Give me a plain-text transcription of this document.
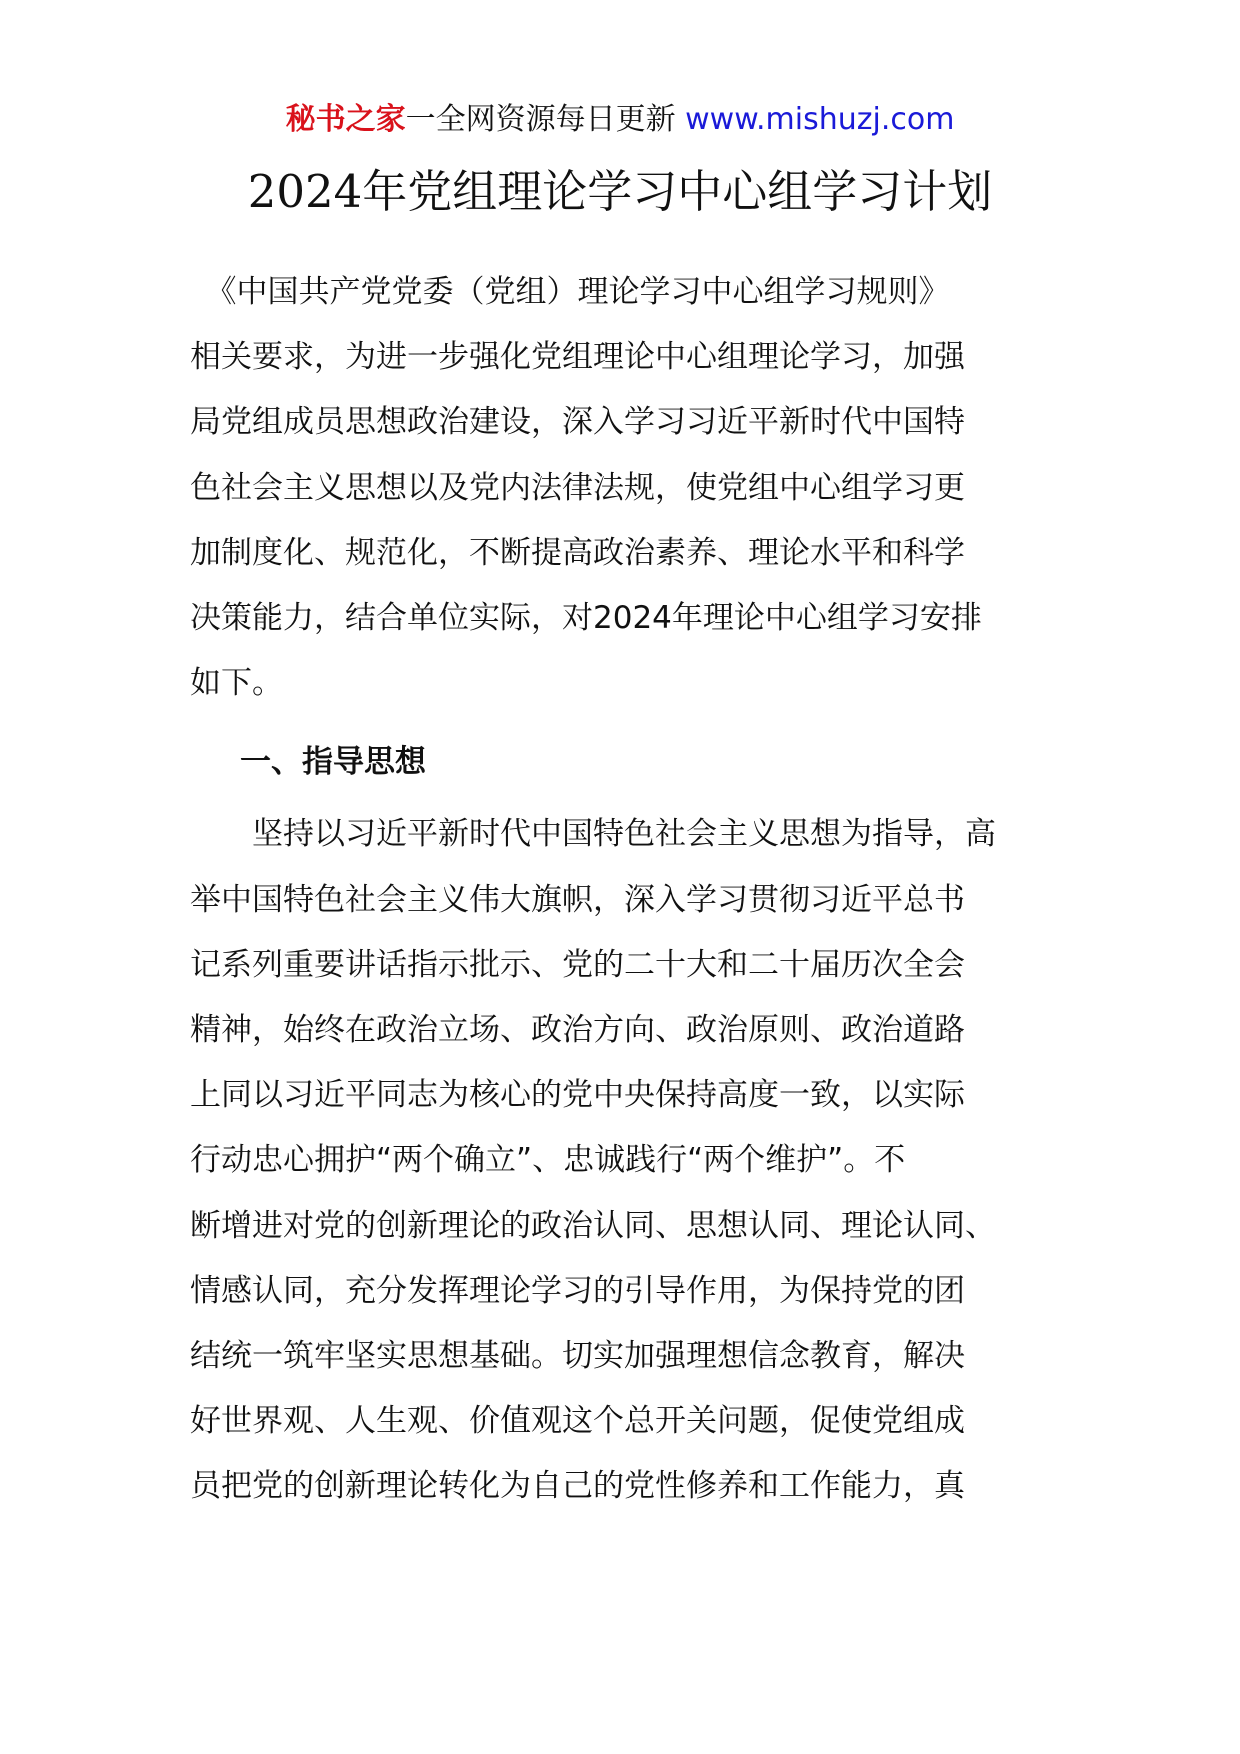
秘书之家一全网资源每日更新 www.mishuzj.com
2024年党组理论学习中心组学习计划

　《中国共产党党委（党组）理论学习中心组学习规则》
相关要求，为进一步强化党组理论中心组理论学习，加强
局党组成员思想政治建设，深入学习习近平新时代中国特
色社会主义思想以及党内法律法规，使党组中心组学习更
加制度化、规范化，不断提高政治素养、理论水平和科学
决策能力，结合单位实际，对2024年理论中心组学习安排
如下。

一、指导思想

　　坚持以习近平新时代中国特色社会主义思想为指导，高
举中国特色社会主义伟大旗帜，深入学习贯彻习近平总书
记系列重要讲话指示批示、党的二十大和二十届历次全会
精神，始终在政治立场、政治方向、政治原则、政治道路
上同以习近平同志为核心的党中央保持高度一致，以实际
行动忠心拥护“两个确立”、忠诚践行“两个维护”。不
断增进对党的创新理论的政治认同、思想认同、理论认同、
情感认同，充分发挥理论学习的引导作用，为保持党的团
结统一筑牢坚实思想基础。切实加强理想信念教育，解决
好世界观、人生观、价值观这个总开关问题，促使党组成
员把党的创新理论转化为自己的党性修养和工作能力，真
